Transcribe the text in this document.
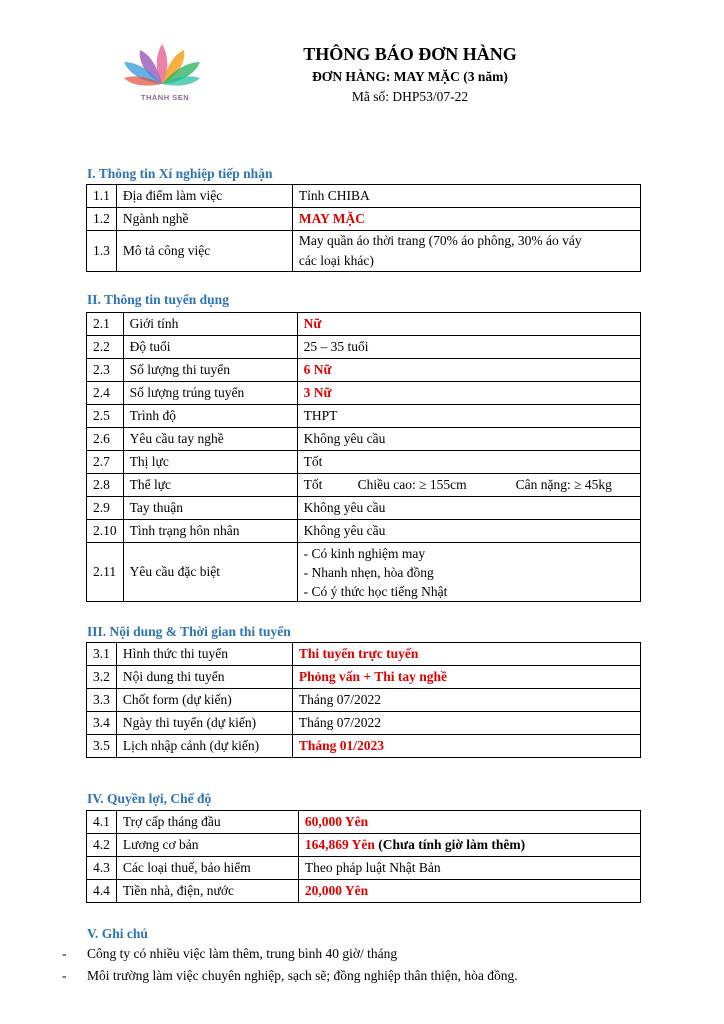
THÀNH SEN
THÔNG BÁO ĐƠN HÀNG
ĐƠN HÀNG: MAY MẶC (3 năm)
Mã số: DHP53/07-22
I. Thông tin Xí nghiệp tiếp nhận
1.1	Địa điểm làm việc	Tỉnh CHIBA
1.2	Ngành nghề	MAY MẶC
1.3	Mô tả công việc	May quần áo thời trang (70% áo phông, 30% áo váy
các loại khác)
II. Thông tin tuyển dụng
2.1	Giới tính	Nữ
2.2	Độ tuổi	25 – 35 tuổi
2.3	Số lượng thi tuyển	6 Nữ
2.4	Số lượng trúng tuyển	3 Nữ
2.5	Trình độ	THPT
2.6	Yêu cầu tay nghề	Không yêu cầu
2.7	Thị lực	Tốt
2.8	Thể lực	Tốt Chiều cao: ≥ 155cm Cân nặng: ≥ 45kg
2.9	Tay thuận	Không yêu cầu
2.10	Tình trạng hôn nhân	Không yêu cầu
2.11	Yêu cầu đặc biệt	- Có kinh nghiệm may
- Nhanh nhẹn, hòa đồng
- Có ý thức học tiếng Nhật
III. Nội dung & Thời gian thi tuyển
3.1	Hình thức thi tuyển	Thi tuyển trực tuyến
3.2	Nội dung thi tuyển	Phỏng vấn + Thi tay nghề
3.3	Chốt form (dự kiến)	Tháng 07/2022
3.4	Ngày thi tuyển (dự kiến)	Tháng 07/2022
3.5	Lịch nhập cảnh (dự kiến)	Tháng 01/2023
IV. Quyền lợi, Chế độ
4.1	Trợ cấp tháng đầu	60,000 Yên
4.2	Lương cơ bản	164,869 Yên (Chưa tính giờ làm thêm)
4.3	Các loại thuế, bảo hiểm	Theo pháp luật Nhật Bản
4.4	Tiền nhà, điện, nước	20,000 Yên
V. Ghi chú
- Công ty có nhiều việc làm thêm, trung bình 40 giờ/ tháng
- Môi trường làm việc chuyên nghiệp, sạch sẽ; đồng nghiệp thân thiện, hòa đồng.
